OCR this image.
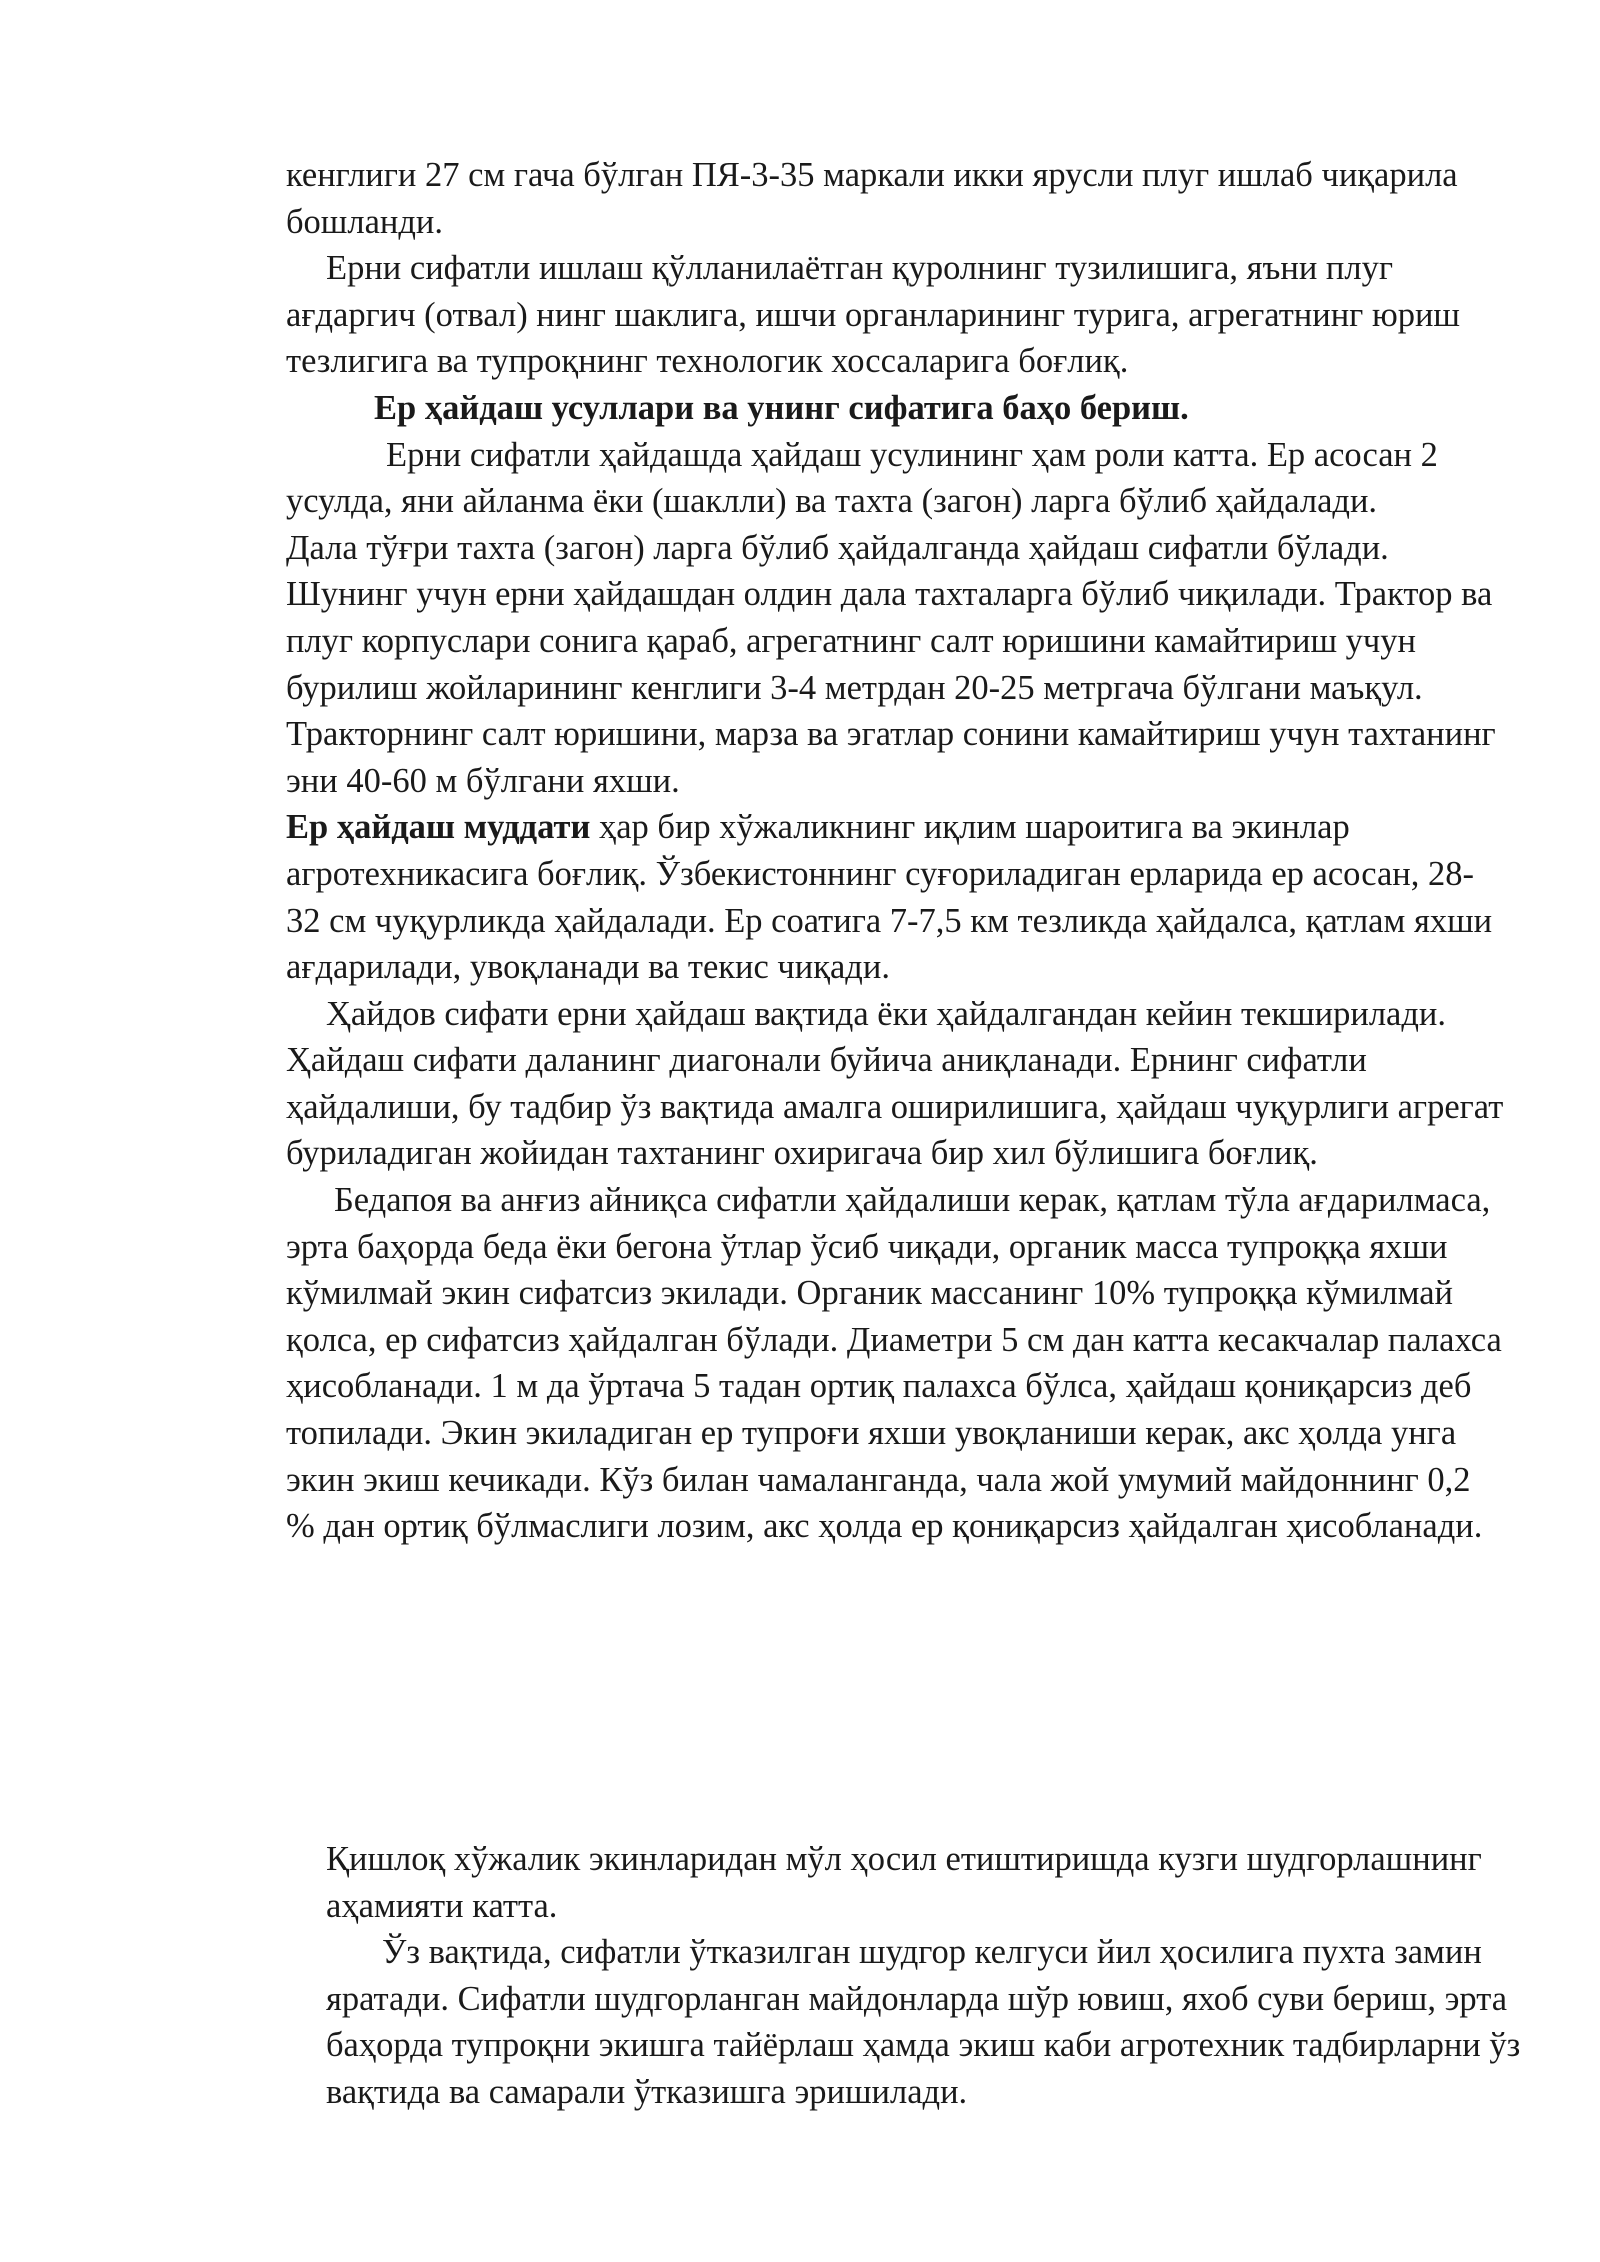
кенглиги 27 см гача бўлган ПЯ-3-35 маркали икки ярусли плуг ишлаб чиқарила бошланди.

Ерни сифатли ишлаш қўлланилаётган қуролнинг тузилишига, яъни плуг ағдаргич (отвал) нинг шаклига, ишчи органларининг турига, агрегатнинг юриш тезлигига ва тупроқнинг технологик хоссаларига боғлиқ.

Ер ҳайдаш усуллари ва унинг сифатига баҳо бериш.

Ерни сифатли ҳайдашда ҳайдаш усулининг ҳам роли катта. Ер асосан 2 усулда, яни айланма ёки (шаклли) ва тахта (загон) ларга бўлиб ҳайдалади.

Дала тўғри тахта (загон) ларга бўлиб ҳайдалганда ҳайдаш сифатли бўлади. Шунинг учун ерни ҳайдашдан олдин дала тахталарга бўлиб чиқилади. Трактор ва плуг корпуслари сонига қараб, агрегатнинг салт юришини камайтириш учун бурилиш жойларининг кенглиги 3-4 метрдан 20-25 метргача бўлгани маъқул. Тракторнинг салт юришини, марза ва эгатлар сонини камайтириш учун тахтанинг эни 40-60 м бўлгани яхши.

Ер ҳайдаш муддати ҳар бир хўжаликнинг иқлим шароитига ва экинлар агротехникасига боғлиқ. Ўзбекистоннинг суғориладиган ерларида ер асосан, 28-32 см чуқурликда ҳайдалади. Ер соатига 7-7,5 км тезликда ҳайдалса, қатлам яхши ағдарилади, увоқланади ва текис чиқади.

Ҳайдов сифати ерни ҳайдаш вақтида ёки ҳайдалгандан кейин текширилади. Ҳайдаш сифати даланинг диагонали буйича аниқланади. Ернинг сифатли ҳайдалиши, бу тадбир ўз вақтида амалга оширилишига, ҳайдаш чуқурлиги агрегат буриладиган жойидан тахтанинг охиригача бир хил бўлишига боғлиқ.

Бедапоя ва анғиз айниқса сифатли ҳайдалиши керак, қатлам тўла ағдарилмаса, эрта баҳорда беда ёки бегона ўтлар ўсиб чиқади, органик масса тупроққа яхши кўмилмай экин сифатсиз экилади. Органик массанинг 10% тупроққа кўмилмай қолса, ер сифатсиз ҳайдалган бўлади. Диаметри 5 см дан катта кесакчалар палахса ҳисобланади. 1 м да ўртача 5 тадан ортиқ палахса бўлса, ҳайдаш қониқарсиз деб топилади. Экин экиладиган ер тупроғи яхши увоқланиши керак, акс ҳолда унга экин экиш кечикади. Кўз билан чамаланганда, чала жой умумий майдоннинг 0,2 % дан ортиқ бўлмаслиги лозим, акс ҳолда ер қониқарсиз ҳайдалган ҳисобланади.

Қишлоқ хўжалик экинларидан мўл ҳосил етиштиришда кузги шудгорлашнинг аҳамияти катта.

Ўз вақтида, сифатли ўтказилган шудгор келгуси йил ҳосилига пухта замин яратади. Сифатли шудгорланган майдонларда шўр ювиш, яхоб суви бериш, эрта баҳорда тупроқни экишга тайёрлаш ҳамда экиш каби агротехник тадбирларни ўз вақтида ва самарали ўтказишга эришилади.
